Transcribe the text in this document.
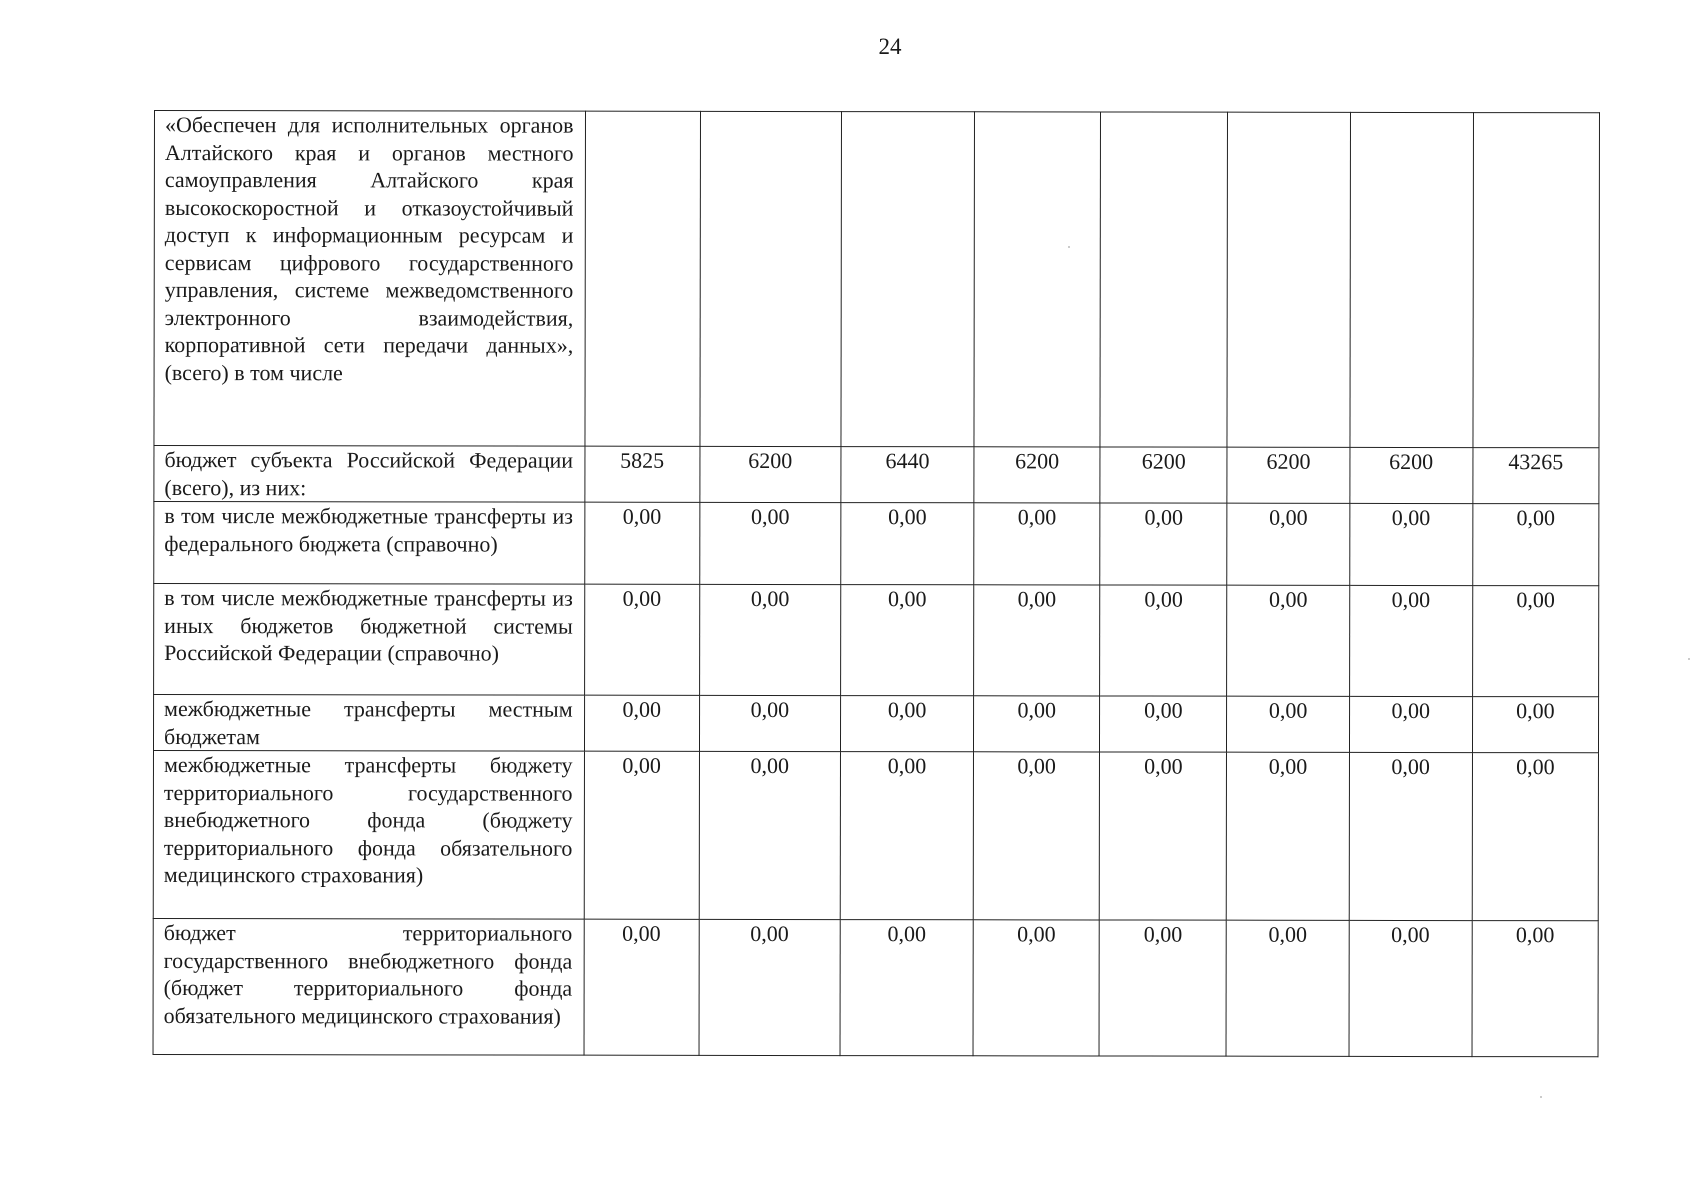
24
«Обеспечен для исполнительных органов Алтайского края и органов местного самоуправления Алтайского края высокоскоростной и отказоустойчивый доступ к информационным ресурсам и сервисам цифрового государственного управления, системе межведомственного электронного взаимодействия, корпоративной сети передачи данных», (всего) в том числе								
бюджет субъекта Российской Федерации (всего), из них:	5825	6200	6440	6200	6200	6200	6200	43265
в том числе межбюджетные трансферты из федерального бюджета (справочно)	0,00	0,00	0,00	0,00	0,00	0,00	0,00	0,00
в том числе межбюджетные трансферты из иных бюджетов бюджетной системы Российской Федерации (справочно)	0,00	0,00	0,00	0,00	0,00	0,00	0,00	0,00
межбюджетные трансферты местным бюджетам	0,00	0,00	0,00	0,00	0,00	0,00	0,00	0,00
межбюджетные трансферты бюджету территориального государственного внебюджетного фонда (бюджету территориального фонда обязательного медицинского страхования)	0,00	0,00	0,00	0,00	0,00	0,00	0,00	0,00
бюджет территориального государственного внебюджетного фонда (бюджет территориального фонда обязательного медицинского страхования)	0,00	0,00	0,00	0,00	0,00	0,00	0,00	0,00
